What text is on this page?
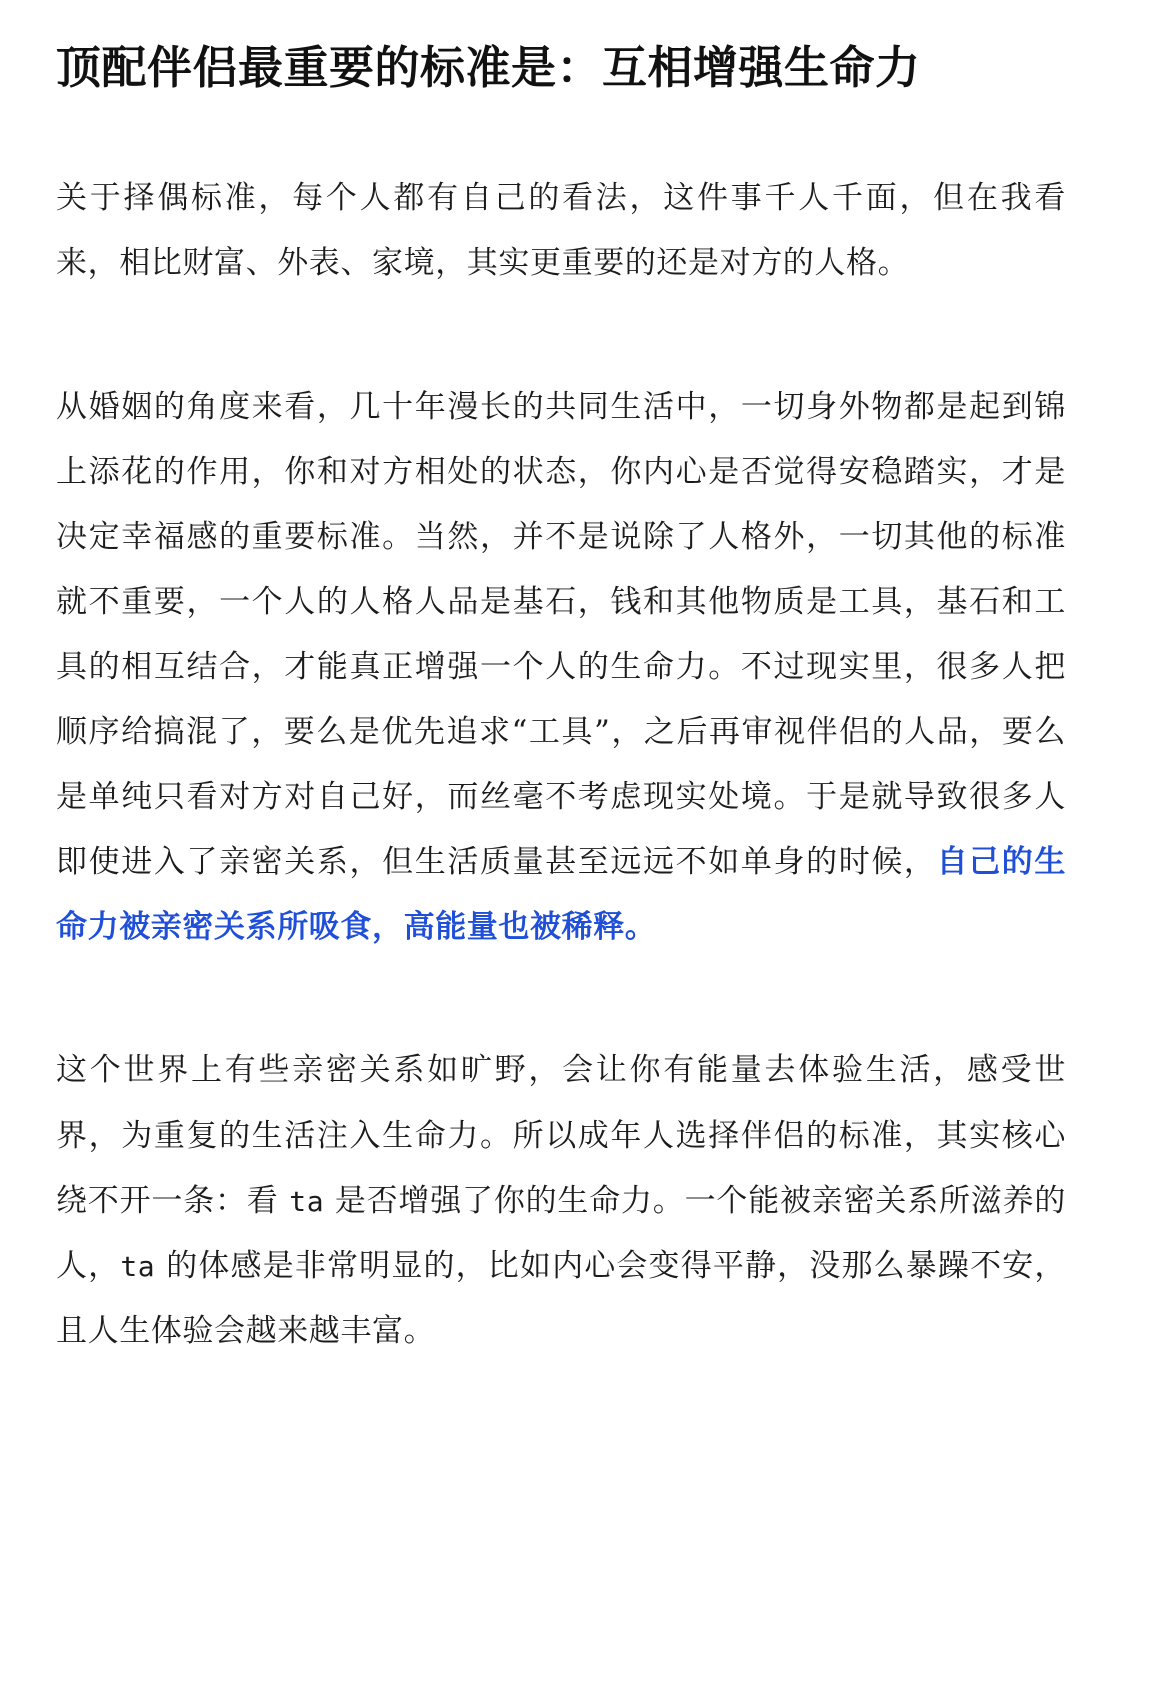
顶配伴侣最重要的标准是：互相增强生命力

关于择偶标准，每个人都有自己的看法，这件事千人千面，但在我看来，相比财富、外表、家境，其实更重要的还是对方的人格。

从婚姻的角度来看，几十年漫长的共同生活中，一切身外物都是起到锦上添花的作用，你和对方相处的状态，你内心是否觉得安稳踏实，才是决定幸福感的重要标准。当然，并不是说除了人格外，一切其他的标准就不重要，一个人的人格人品是基石，钱和其他物质是工具，基石和工具的相互结合，才能真正增强一个人的生命力。不过现实里，很多人把顺序给搞混了，要么是优先追求“工具”，之后再审视伴侣的人品，要么是单纯只看对方对自己好，而丝毫不考虑现实处境。于是就导致很多人即使进入了亲密关系，但生活质量甚至远远不如单身的时候，自己的生命力被亲密关系所吸食，高能量也被稀释。

这个世界上有些亲密关系如旷野，会让你有能量去体验生活，感受世界，为重复的生活注入生命力。所以成年人选择伴侣的标准，其实核心绕不开一条：看 ta 是否增强了你的生命力。一个能被亲密关系所滋养的人，ta 的体感是非常明显的，比如内心会变得平静，没那么暴躁不安，且人生体验会越来越丰富。
